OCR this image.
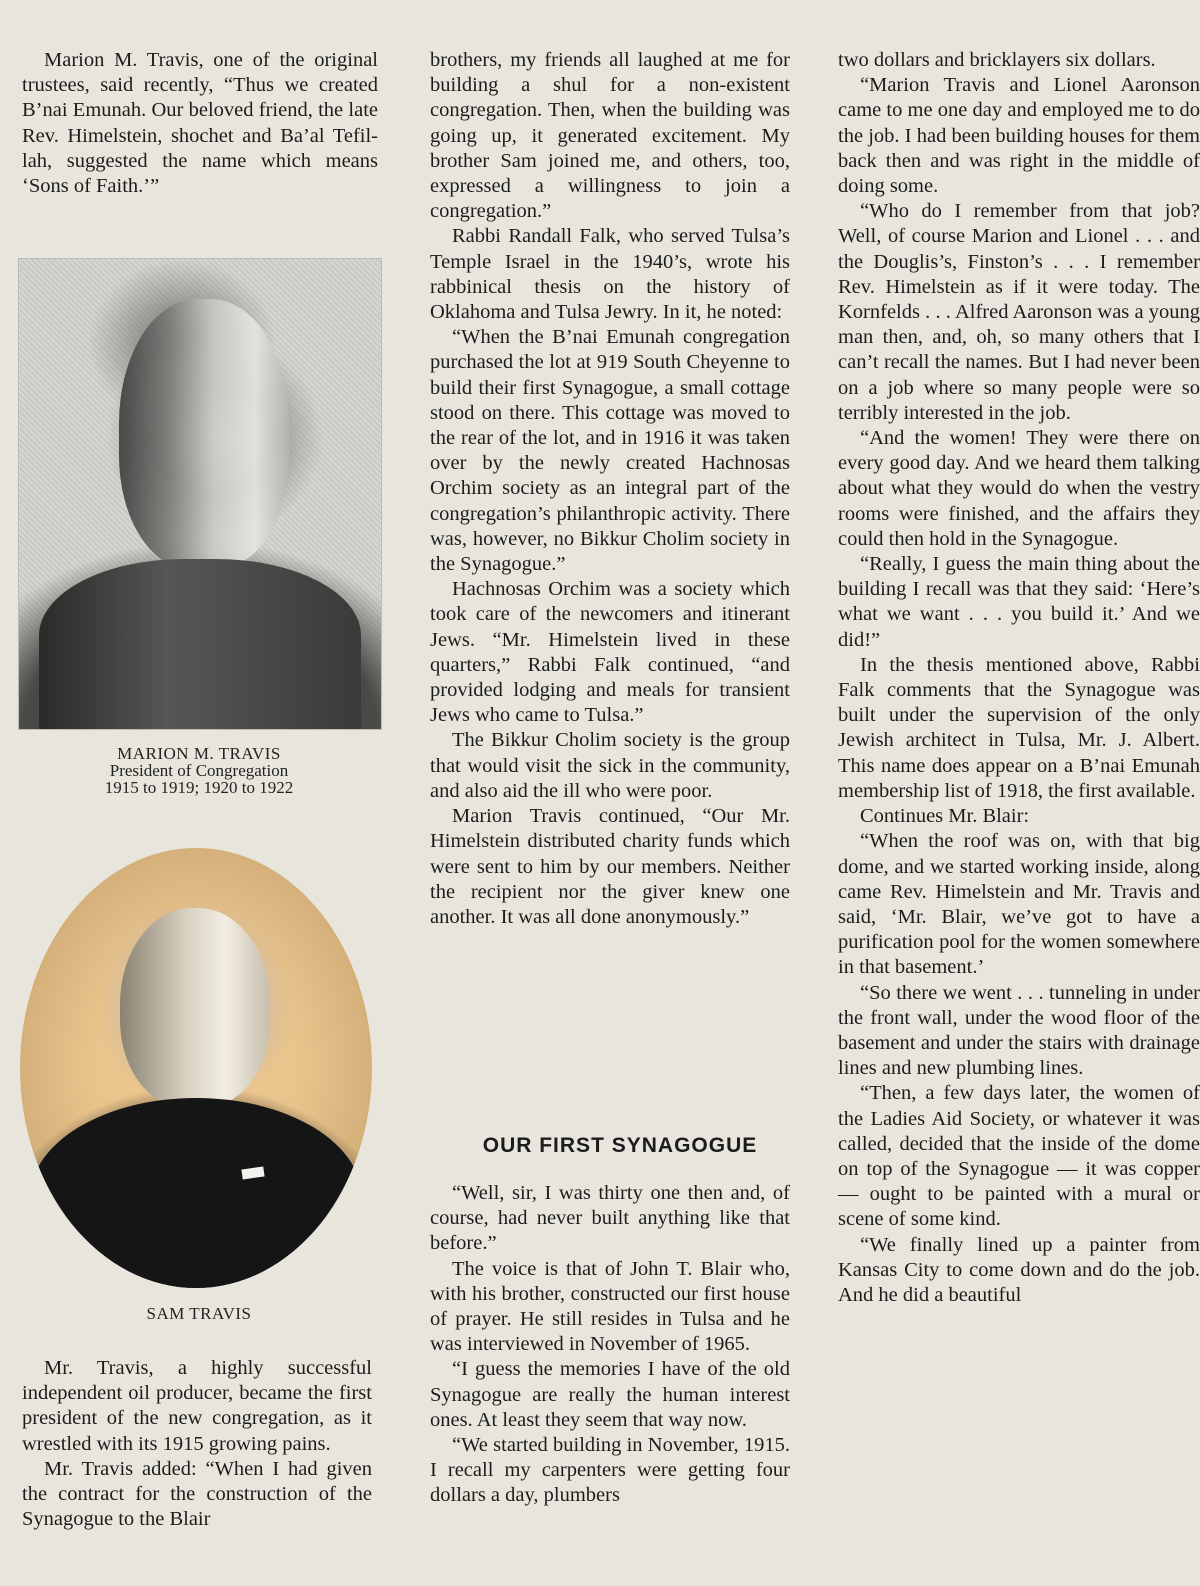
Marion M. Travis, one of the original trustees, said recently, “Thus we created B’nai Emunah. Our beloved friend, the late Rev. Himelstein, shochet and Ba’al Tefil-lah, suggested the name which means ‘Sons of Faith.’”

MARION M. TRAVIS
President of Congregation
1915 to 1919; 1920 to 1922
SAM TRAVIS

Mr. Travis, a highly successful independent oil producer, became the first president of the new congregation, as it wrestled with its 1915 growing pains.

Mr. Travis added: “When I had given the contract for the construction of the Synagogue to the Blair

brothers, my friends all laughed at me for building a shul for a non-existent congregation. Then, when the building was going up, it generated excitement. My brother Sam joined me, and others, too, expressed a willingness to join a congregation.”

Rabbi Randall Falk, who served Tulsa’s Temple Israel in the 1940’s, wrote his rabbinical thesis on the history of Oklahoma and Tulsa Jewry. In it, he noted:

“When the B’nai Emunah congregation purchased the lot at 919 South Cheyenne to build their first Synagogue, a small cottage stood on there. This cottage was moved to the rear of the lot, and in 1916 it was taken over by the newly created Hachnosas Orchim society as an integral part of the congregation’s philanthropic activity. There was, however, no Bikkur Cholim society in the Synagogue.”

Hachnosas Orchim was a society which took care of the newcomers and itinerant Jews. “Mr. Himelstein lived in these quarters,” Rabbi Falk continued, “and provided lodging and meals for transient Jews who came to Tulsa.”

The Bikkur Cholim society is the group that would visit the sick in the community, and also aid the ill who were poor.

Marion Travis continued, “Our Mr. Himelstein distributed charity funds which were sent to him by our members. Neither the recipient nor the giver knew one another. It was all done anonymously.”

OUR FIRST SYNAGOGUE

“Well, sir, I was thirty one then and, of course, had never built anything like that before.”

The voice is that of John T. Blair who, with his brother, constructed our first house of prayer. He still resides in Tulsa and he was interviewed in November of 1965.

“I guess the memories I have of the old Synagogue are really the human interest ones. At least they seem that way now.

“We started building in November, 1915. I recall my carpenters were getting four dollars a day, plumbers

two dollars and bricklayers six dollars.

“Marion Travis and Lionel Aaronson came to me one day and employed me to do the job. I had been building houses for them back then and was right in the middle of doing some.

“Who do I remember from that job? Well, of course Marion and Lionel . . . and the Douglis’s, Finston’s . . . I remember Rev. Himelstein as if it were today. The Kornfelds . . . Alfred Aaronson was a young man then, and, oh, so many others that I can’t recall the names. But I had never been on a job where so many people were so terribly interested in the job.

“And the women! They were there on every good day. And we heard them talking about what they would do when the vestry rooms were finished, and the affairs they could then hold in the Synagogue.

“Really, I guess the main thing about the building I recall was that they said: ‘Here’s what we want . . . you build it.’ And we did!”

In the thesis mentioned above, Rabbi Falk comments that the Synagogue was built under the supervision of the only Jewish architect in Tulsa, Mr. J. Albert. This name does appear on a B’nai Emunah membership list of 1918, the first available.

Continues Mr. Blair:

“When the roof was on, with that big dome, and we started working inside, along came Rev. Himelstein and Mr. Travis and said, ‘Mr. Blair, we’ve got to have a purification pool for the women somewhere in that basement.’

“So there we went . . . tunneling in under the front wall, under the wood floor of the basement and under the stairs with drainage lines and new plumbing lines.

“Then, a few days later, the women of the Ladies Aid Society, or whatever it was called, decided that the inside of the dome on top of the Synagogue — it was copper — ought to be painted with a mural or scene of some kind.

“We finally lined up a painter from Kansas City to come down and do the job. And he did a beautiful
